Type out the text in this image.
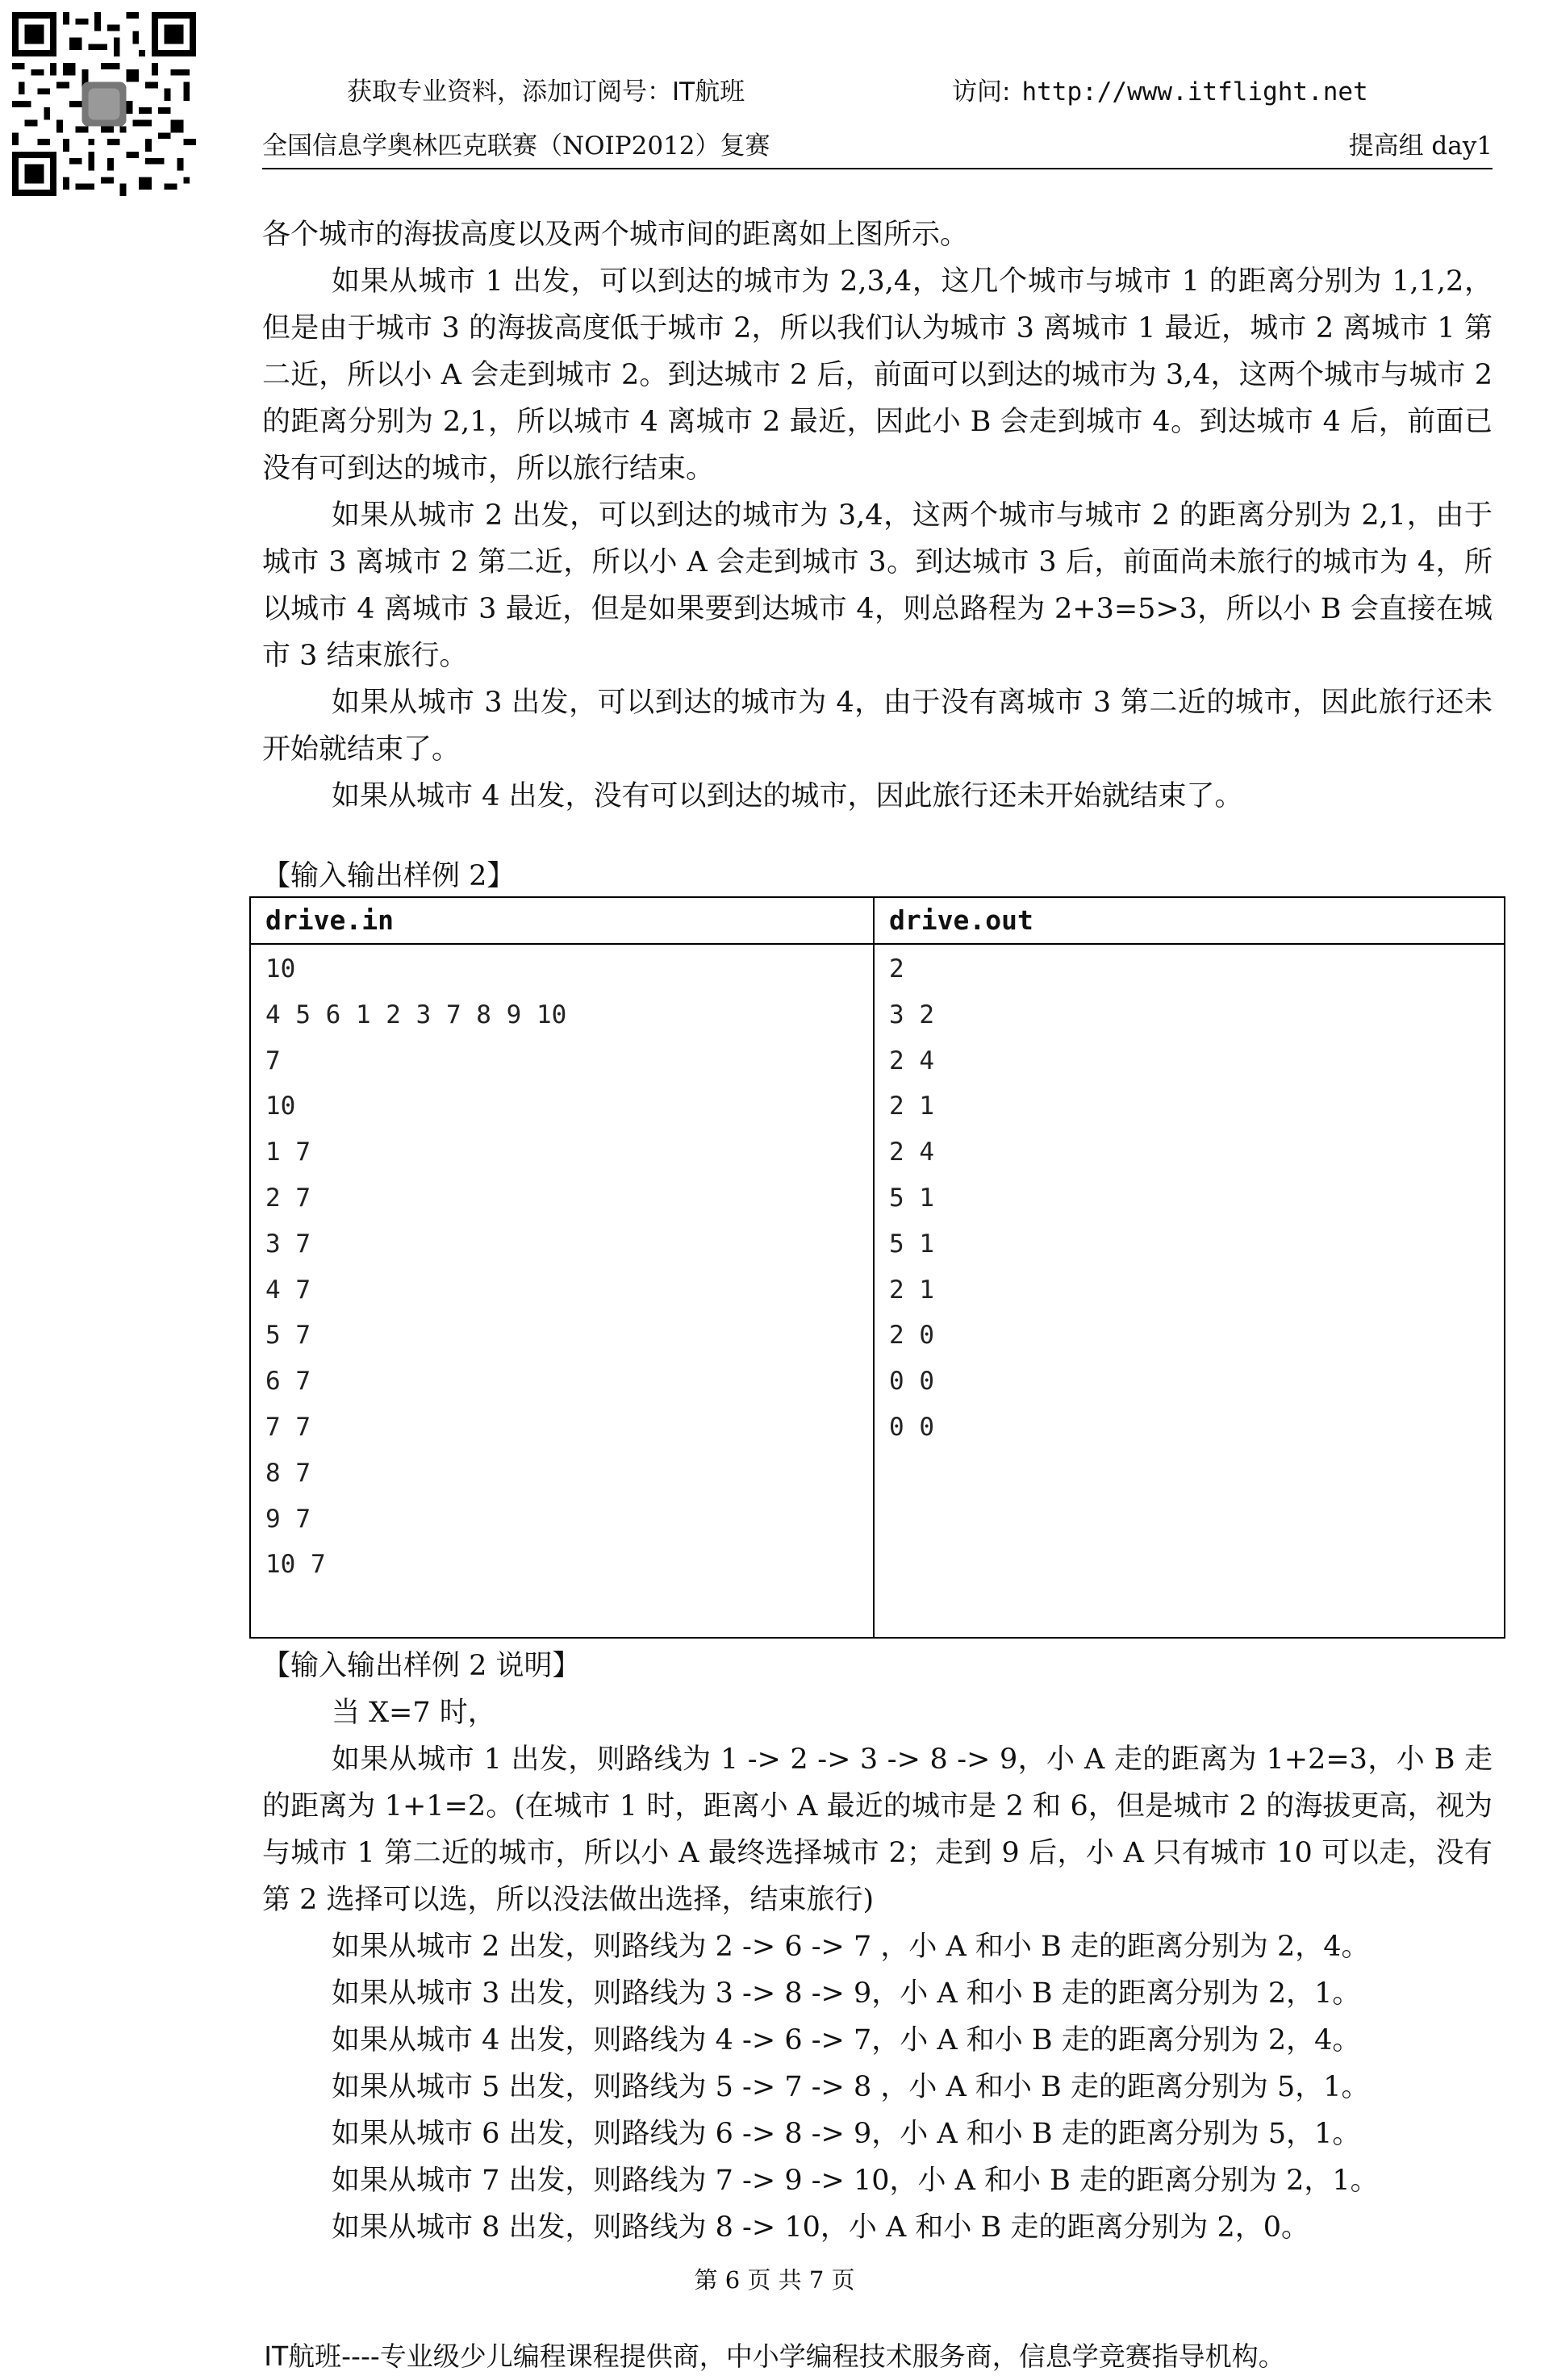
获取专业资料，添加订阅号：IT航班	访问: http://www.itflight.net
全国信息学奥林匹克联赛（NOIP2012）复赛	提高组 day1

各个城市的海拔高度以及两个城市间的距离如上图所示。

如果从城市 1 出发，可以到达的城市为 2,3,4，这几个城市与城市 1 的距离分别为 1,1,2，但是由于城市 3 的海拔高度低于城市 2，所以我们认为城市 3 离城市 1 最近，城市 2 离城市 1 第二近，所以小 A 会走到城市 2。到达城市 2 后，前面可以到达的城市为 3,4，这两个城市与城市 2 的距离分别为 2,1，所以城市 4 离城市 2 最近，因此小 B 会走到城市 4。到达城市 4 后，前面已没有可到达的城市，所以旅行结束。

如果从城市 2 出发，可以到达的城市为 3,4，这两个城市与城市 2 的距离分别为 2,1，由于城市 3 离城市 2 第二近，所以小 A 会走到城市 3。到达城市 3 后，前面尚未旅行的城市为 4，所以城市 4 离城市 3 最近，但是如果要到达城市 4，则总路程为 2+3=5>3，所以小 B 会直接在城市 3 结束旅行。

如果从城市 3 出发，可以到达的城市为 4，由于没有离城市 3 第二近的城市，因此旅行还未开始就结束了。

如果从城市 4 出发，没有可以到达的城市，因此旅行还未开始就结束了。

【输入输出样例 2】
drive.in
10
4 5 6 1 2 3 7 8 9 10
7
10
1 7
2 7
3 7
4 7
5 7
6 7
7 7
8 7
9 7
10 7
drive.out
2
3 2
2 4
2 1
2 4
5 1
5 1
2 1
2 0
0 0
0 0

【输入输出样例 2 说明】

当 X=7 时，

如果从城市 1 出发，则路线为 1 -> 2 -> 3 -> 8 -> 9，小 A 走的距离为 1+2=3，小 B 走的距离为 1+1=2。(在城市 1 时，距离小 A 最近的城市是 2 和 6，但是城市 2 的海拔更高，视为与城市 1 第二近的城市，所以小 A 最终选择城市 2；走到 9 后，小 A 只有城市 10 可以走，没有第 2 选择可以选，所以没法做出选择，结束旅行)

如果从城市 2 出发，则路线为 2 -> 6 -> 7 ，小 A 和小 B 走的距离分别为 2，4。

如果从城市 3 出发，则路线为 3 -> 8 -> 9，小 A 和小 B 走的距离分别为 2，1。

如果从城市 4 出发，则路线为 4 -> 6 -> 7，小 A 和小 B 走的距离分别为 2，4。

如果从城市 5 出发，则路线为 5 -> 7 -> 8 ，小 A 和小 B 走的距离分别为 5，1。

如果从城市 6 出发，则路线为 6 -> 8 -> 9，小 A 和小 B 走的距离分别为 5，1。

如果从城市 7 出发，则路线为 7 -> 9 -> 10，小 A 和小 B 走的距离分别为 2，1。

如果从城市 8 出发，则路线为 8 -> 10，小 A 和小 B 走的距离分别为 2，0。

第 6 页 共 7 页
IT航班----专业级少儿编程课程提供商，中小学编程技术服务商，信息学竞赛指导机构。
